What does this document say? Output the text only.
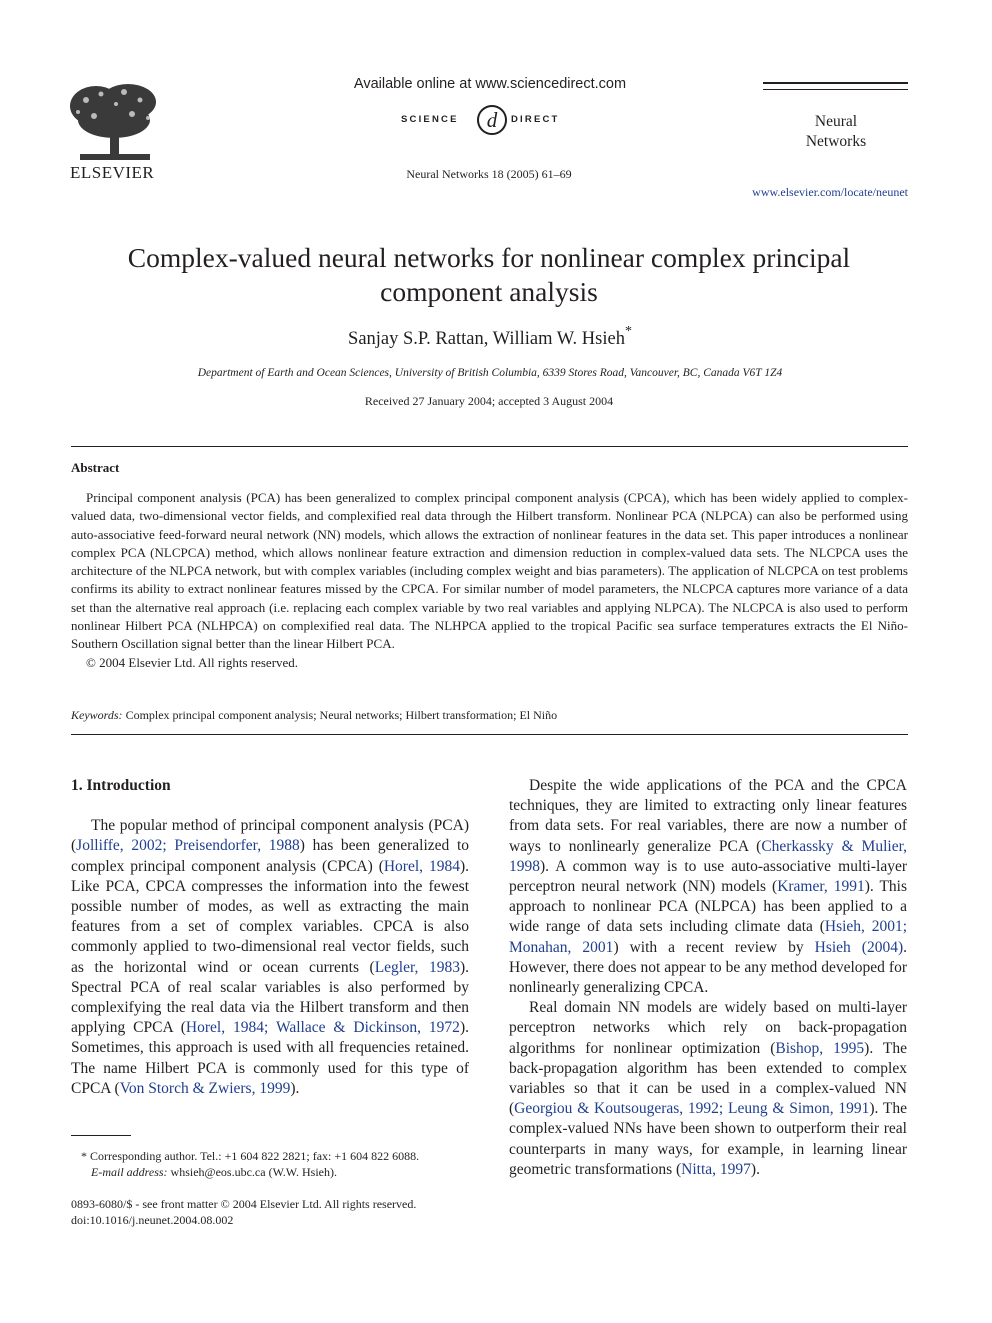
ELSEVIER
Available online at www.sciencedirect.com
SCIENCE d DIRECT
Neural Networks 18 (2005) 61–69
Neural
Networks
www.elsevier.com/locate/neunet
Complex-valued neural networks for nonlinear complex principal
component analysis
Sanjay S.P. Rattan, William W. Hsieh*
Department of Earth and Ocean Sciences, University of British Columbia, 6339 Stores Road, Vancouver, BC, Canada V6T 1Z4
Received 27 January 2004; accepted 3 August 2004
Abstract

Principal component analysis (PCA) has been generalized to complex principal component analysis (CPCA), which has been widely applied to complex-valued data, two-dimensional vector fields, and complexified real data through the Hilbert transform. Nonlinear PCA (NLPCA) can also be performed using auto-associative feed-forward neural network (NN) models, which allows the extraction of nonlinear features in the data set. This paper introduces a nonlinear complex PCA (NLCPCA) method, which allows nonlinear feature extraction and dimension reduction in complex-valued data sets. The NLCPCA uses the architecture of the NLPCA network, but with complex variables (including complex weight and bias parameters). The application of NLCPCA on test problems confirms its ability to extract nonlinear features missed by the CPCA. For similar number of model parameters, the NLCPCA captures more variance of a data set than the alternative real approach (i.e. replacing each complex variable by two real variables and applying NLPCA). The NLCPCA is also used to perform nonlinear Hilbert PCA (NLHPCA) on complexified real data. The NLHPCA applied to the tropical Pacific sea surface temperatures extracts the El Niño-Southern Oscillation signal better than the linear Hilbert PCA.

© 2004 Elsevier Ltd. All rights reserved.

Keywords: Complex principal component analysis; Neural networks; Hilbert transformation; El Niño

1. Introduction

The popular method of principal component analysis (PCA) (Jolliffe, 2002; Preisendorfer, 1988) has been generalized to complex principal component analysis (CPCA) (Horel, 1984). Like PCA, CPCA compresses the information into the fewest possible number of modes, as well as extracting the main features from a set of complex variables. CPCA is also commonly applied to two-dimensional real vector fields, such as the horizontal wind or ocean currents (Legler, 1983). Spectral PCA of real scalar variables is also performed by complexifying the real data via the Hilbert transform and then applying CPCA (Horel, 1984; Wallace & Dickinson, 1972). Sometimes, this approach is used with all frequencies retained. The name Hilbert PCA is commonly used for this type of CPCA (Von Storch & Zwiers, 1999).

Despite the wide applications of the PCA and the CPCA techniques, they are limited to extracting only linear features from data sets. For real variables, there are now a number of ways to nonlinearly generalize PCA (Cherkassky & Mulier, 1998). A common way is to use auto-associative multi-layer perceptron neural network (NN) models (Kramer, 1991). This approach to nonlinear PCA (NLPCA) has been applied to a wide range of data sets including climate data (Hsieh, 2001; Monahan, 2001) with a recent review by Hsieh (2004). However, there does not appear to be any method developed for nonlinearly generalizing CPCA.

Real domain NN models are widely based on multi-layer perceptron networks which rely on back-propagation algorithms for nonlinear optimization (Bishop, 1995). The back-propagation algorithm has been extended to complex variables so that it can be used in a complex-valued NN (Georgiou & Koutsougeras, 1992; Leung & Simon, 1991). The complex-valued NNs have been shown to outperform their real counterparts in many ways, for example, in learning linear geometric transformations (Nitta, 1997).

* Corresponding author. Tel.: +1 604 822 2821; fax: +1 604 822 6088.
E-mail address: whsieh@eos.ubc.ca (W.W. Hsieh).
0893-6080/$ - see front matter © 2004 Elsevier Ltd. All rights reserved.
doi:10.1016/j.neunet.2004.08.002
